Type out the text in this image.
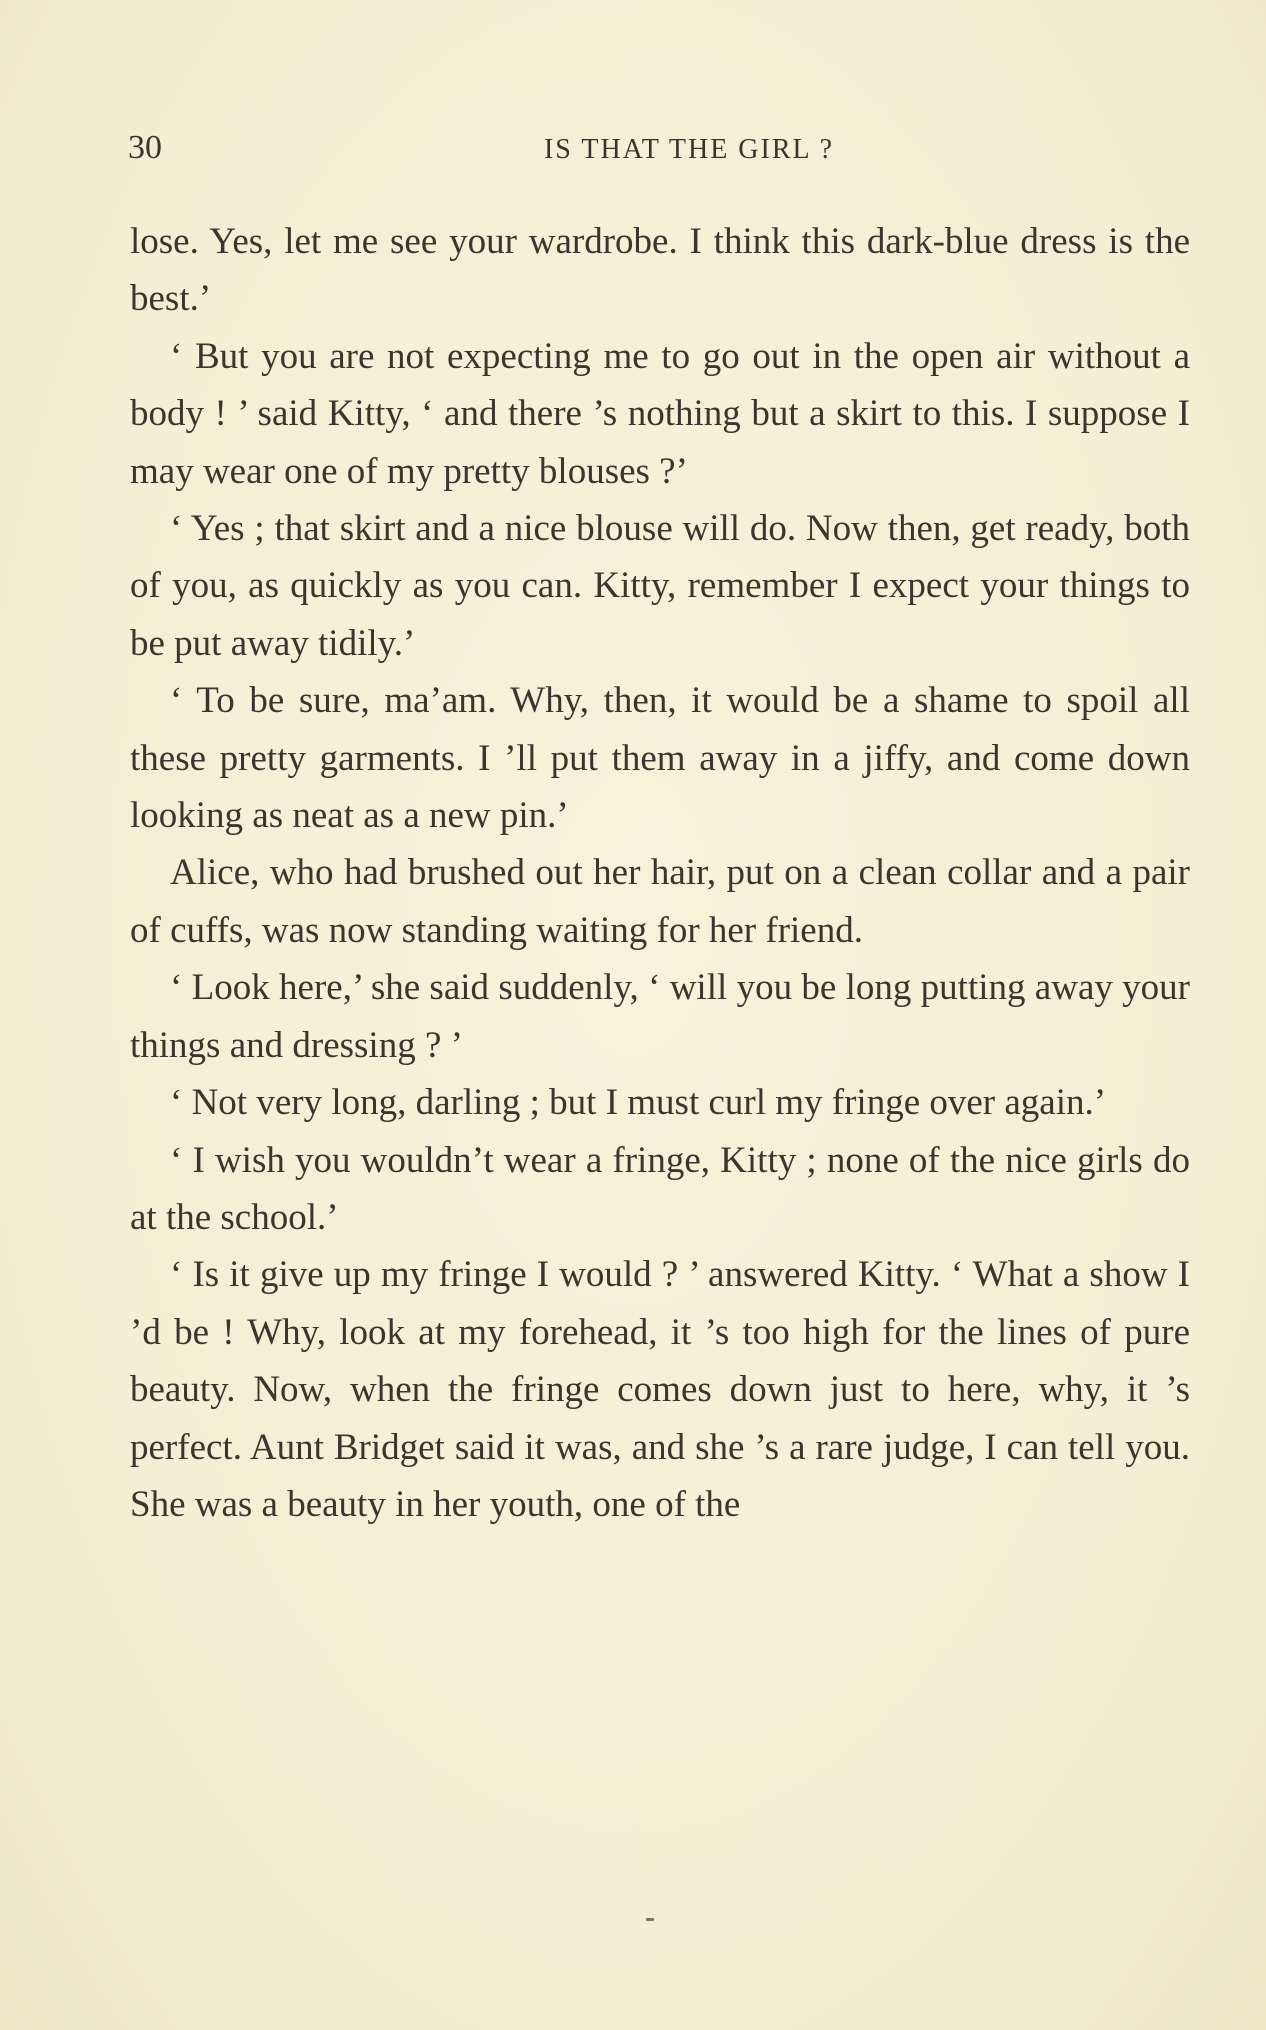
30	IS THAT THE GIRL ?

lose. Yes, let me see your wardrobe. I think this dark-blue dress is the best.’

‘ But you are not expecting me to go out in the open air without a body ! ’ said Kitty, ‘ and there ’s nothing but a skirt to this. I suppose I may wear one of my pretty blouses ?’

‘ Yes ; that skirt and a nice blouse will do. Now then, get ready, both of you, as quickly as you can. Kitty, remember I expect your things to be put away tidily.’

‘ To be sure, ma’am. Why, then, it would be a shame to spoil all these pretty garments. I ’ll put them away in a jiffy, and come down looking as neat as a new pin.’

Alice, who had brushed out her hair, put on a clean collar and a pair of cuffs, was now standing waiting for her friend.

‘ Look here,’ she said suddenly, ‘ will you be long putting away your things and dressing ? ’

‘ Not very long, darling ; but I must curl my fringe over again.’

‘ I wish you wouldn’t wear a fringe, Kitty ; none of the nice girls do at the school.’

‘ Is it give up my fringe I would ? ’ answered Kitty. ‘ What a show I ’d be ! Why, look at my forehead, it ’s too high for the lines of pure beauty. Now, when the fringe comes down just to here, why, it ’s perfect. Aunt Bridget said it was, and she ’s a rare judge, I can tell you. She was a beauty in her youth, one of the
